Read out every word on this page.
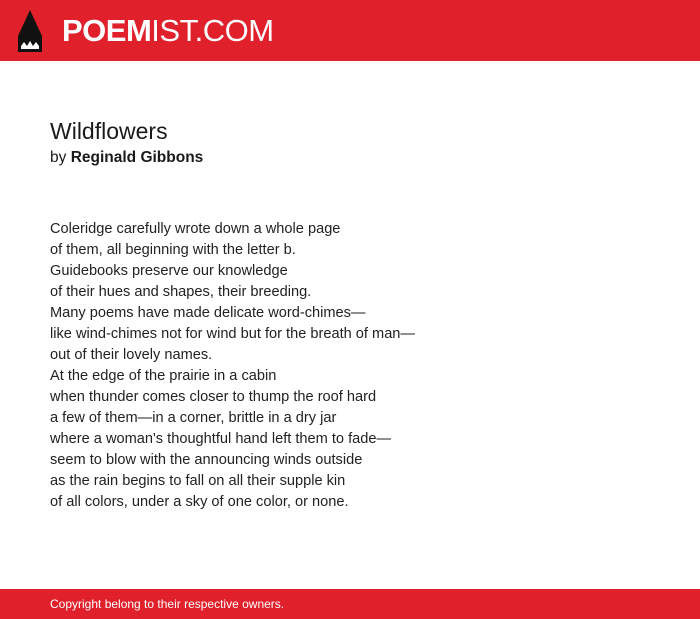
POEMIST.COM
Wildflowers
by Reginald Gibbons
Coleridge carefully wrote down a whole page
of them, all beginning with the letter b.
Guidebooks preserve our knowledge
of their hues and shapes, their breeding.
Many poems have made delicate word-chimes—
like wind-chimes not for wind but for the breath of man—
out of their lovely names.
At the edge of the prairie in a cabin
when thunder comes closer to thump the roof hard
a few of them—in a corner, brittle in a dry jar
where a woman's thoughtful hand left them to fade—
seem to blow with the announcing winds outside
as the rain begins to fall on all their supple kin
of all colors, under a sky of one color, or none.
Copyright belong to their respective owners.
